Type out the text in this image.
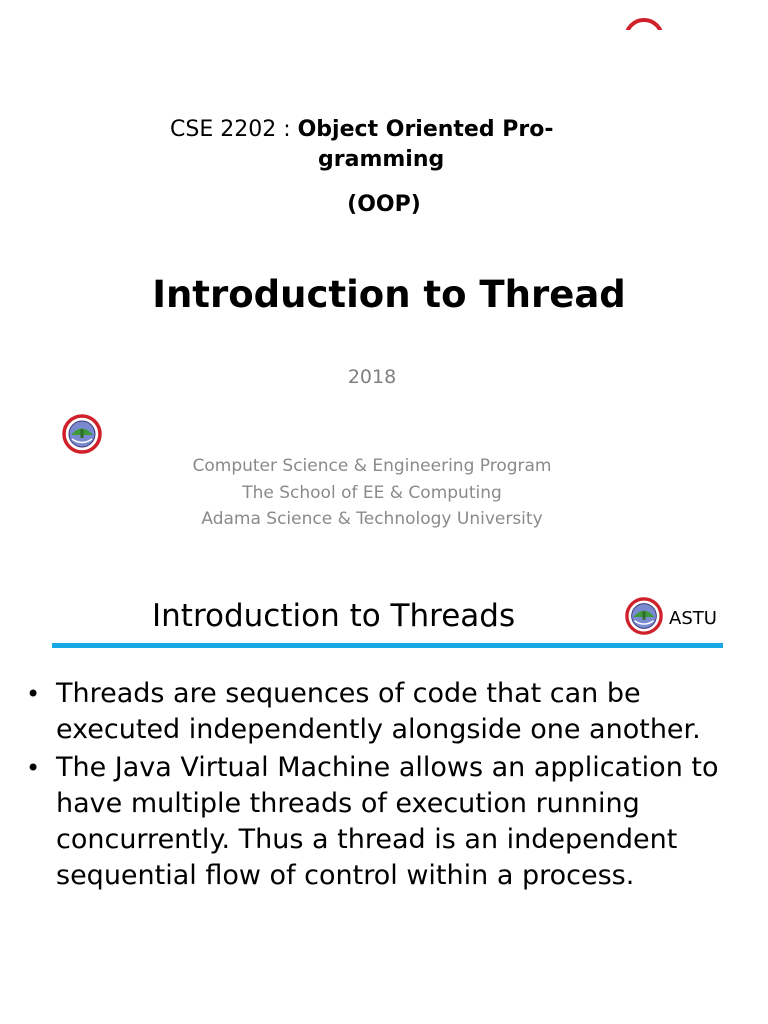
CSE 2202 : Object Oriented Pro-
gramming
(OOP)
Introduction to Thread
2018
Computer Science & Engineering Program
The School of EE & Computing
Adama Science & Technology University
Introduction to Threads	ASTU
• Threads are sequences of code that can be executed independently alongside one another.
• The Java Virtual Machine allows an application to have multiple threads of execution running concurrently. Thus a thread is an independent sequential flow of control within a process.
